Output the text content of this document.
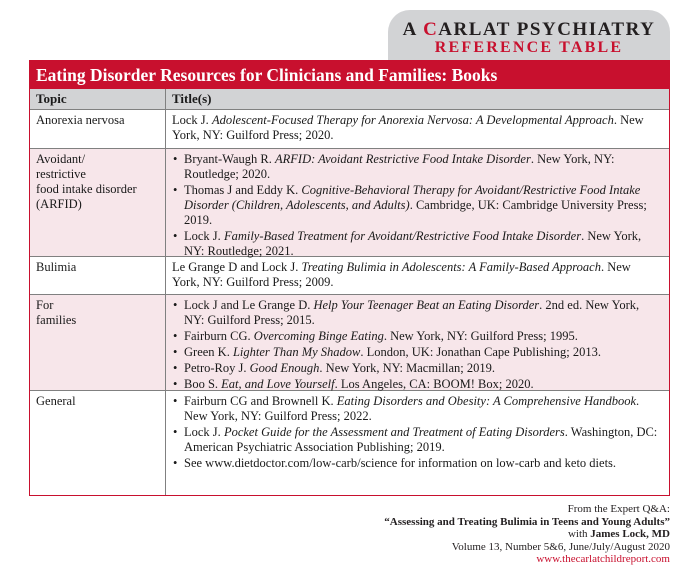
A CARLAT PSYCHIATRY
REFERENCE TABLE
Eating Disorder Resources for Clinicians and Families: Books
Topic	Title(s)
Anorexia nervosa	Lock J. Adolescent-Focused Therapy for Anorexia Nervosa: A Developmental Approach. New York, NY: Guilford Press; 2020.
Avoidant/
restrictive
food intake disorder
(ARFID)
• Bryant-Waugh R. ARFID: Avoidant Restrictive Food Intake Disorder. New York, NY: Routledge; 2020.
• Thomas J and Eddy K. Cognitive-Behavioral Therapy for Avoidant/Restrictive Food Intake Disorder (Children, Adolescents, and Adults). Cambridge, UK: Cambridge University Press; 2019.
• Lock J. Family-Based Treatment for Avoidant/Restrictive Food Intake Disorder. New York, NY: Routledge; 2021.
Bulimia	Le Grange D and Lock J. Treating Bulimia in Adolescents: A Family-Based Approach. New York, NY: Guilford Press; 2009.
For
families
• Lock J and Le Grange D. Help Your Teenager Beat an Eating Disorder. 2nd ed. New York, NY: Guilford Press; 2015.
• Fairburn CG. Overcoming Binge Eating. New York, NY: Guilford Press; 1995.
• Green K. Lighter Than My Shadow. London, UK: Jonathan Cape Publishing; 2013.
• Petro-Roy J. Good Enough. New York, NY: Macmillan; 2019.
• Boo S. Eat, and Love Yourself. Los Angeles, CA: BOOM! Box; 2020.
General
•	Fairburn CG and Brownell K. Eating Disorders and Obesity: A Comprehensive Handbook. New York, NY: Guilford Press; 2022.
• Lock J. Pocket Guide for the Assessment and Treatment of Eating Disorders. Washington, DC: American Psychiatric Association Publishing; 2019.
• See www.dietdoctor.com/low-carb/science for information on low-carb and keto diets.
From the Expert Q&A:
“Assessing and Treating Bulimia in Teens and Young Adults”
with James Lock, MD
Volume 13, Number 5&6, June/July/August 2020
www.thecarlatchildreport.com
